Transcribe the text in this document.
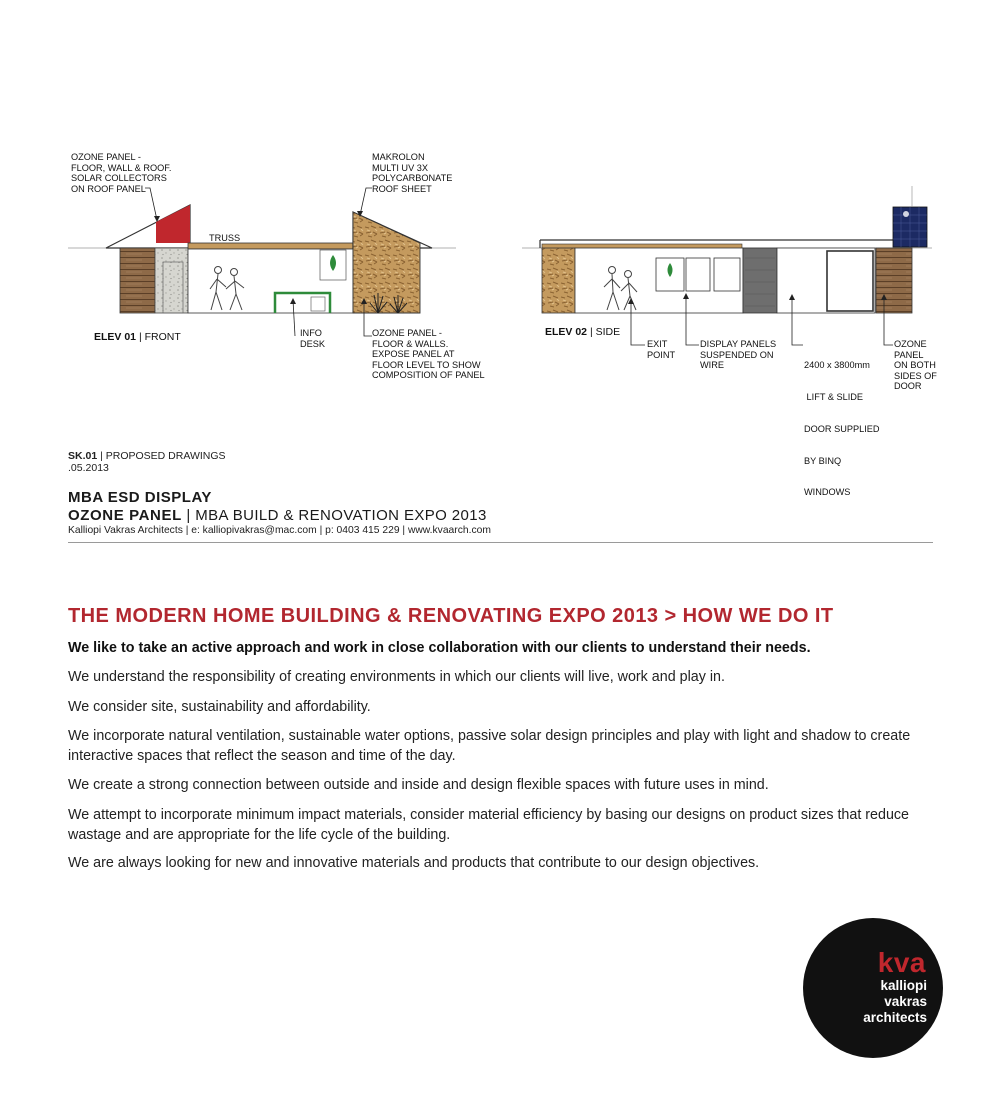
OZONE PANEL -
FLOOR, WALL & ROOF.
SOLAR COLLECTORS
ON ROOF PANEL
MAKROLON
MULTI UV 3X
POLYCARBONATE
ROOF SHEET
TRUSS
INFO
DESK
OZONE PANEL -
FLOOR & WALLS.
EXPOSE PANEL AT
FLOOR LEVEL TO SHOW
COMPOSITION OF PANEL
ELEV 01 | FRONT	ELEV 02 | SIDE
EXIT
POINT
DISPLAY PANELS
SUSPENDED ON
WIRE

	2400 x 3800mm

LIFT & SLIDE

DOOR SUPPLIED

BY BINQ

WINDOWS

OZONE
PANEL
ON BOTH
SIDES OF
DOOR
SK.01 | PROPOSED DRAWINGS
.05.2013
MBA ESD DISPLAY
OZONE PANEL | MBA BUILD & RENOVATION EXPO 2013
Kalliopi Vakras Architects | e: kalliopivakras@mac.com | p: 0403 415 229 | www.kvaarch.com
THE MODERN HOME BUILDING & RENOVATING EXPO 2013 > HOW WE DO IT
We like to take an active approach and work in close collaboration with our clients to understand their needs.
We understand the responsibility of creating environments in which our clients will live, work and play in.
We consider site, sustainability and affordability.
We incorporate natural ventilation, sustainable water options, passive solar design principles and play with light and shadow to create interactive spaces that reflect the season and time of the day.
We create a strong connection between outside and inside and design flexible spaces with future uses in mind.
We attempt to incorporate minimum impact materials, consider material efficiency by basing our designs on product sizes that reduce wastage and are appropriate for the life cycle of the building.
We are always looking for new and innovative materials and products that contribute to our design objectives.
kva
kalliopi
vakras
architects
